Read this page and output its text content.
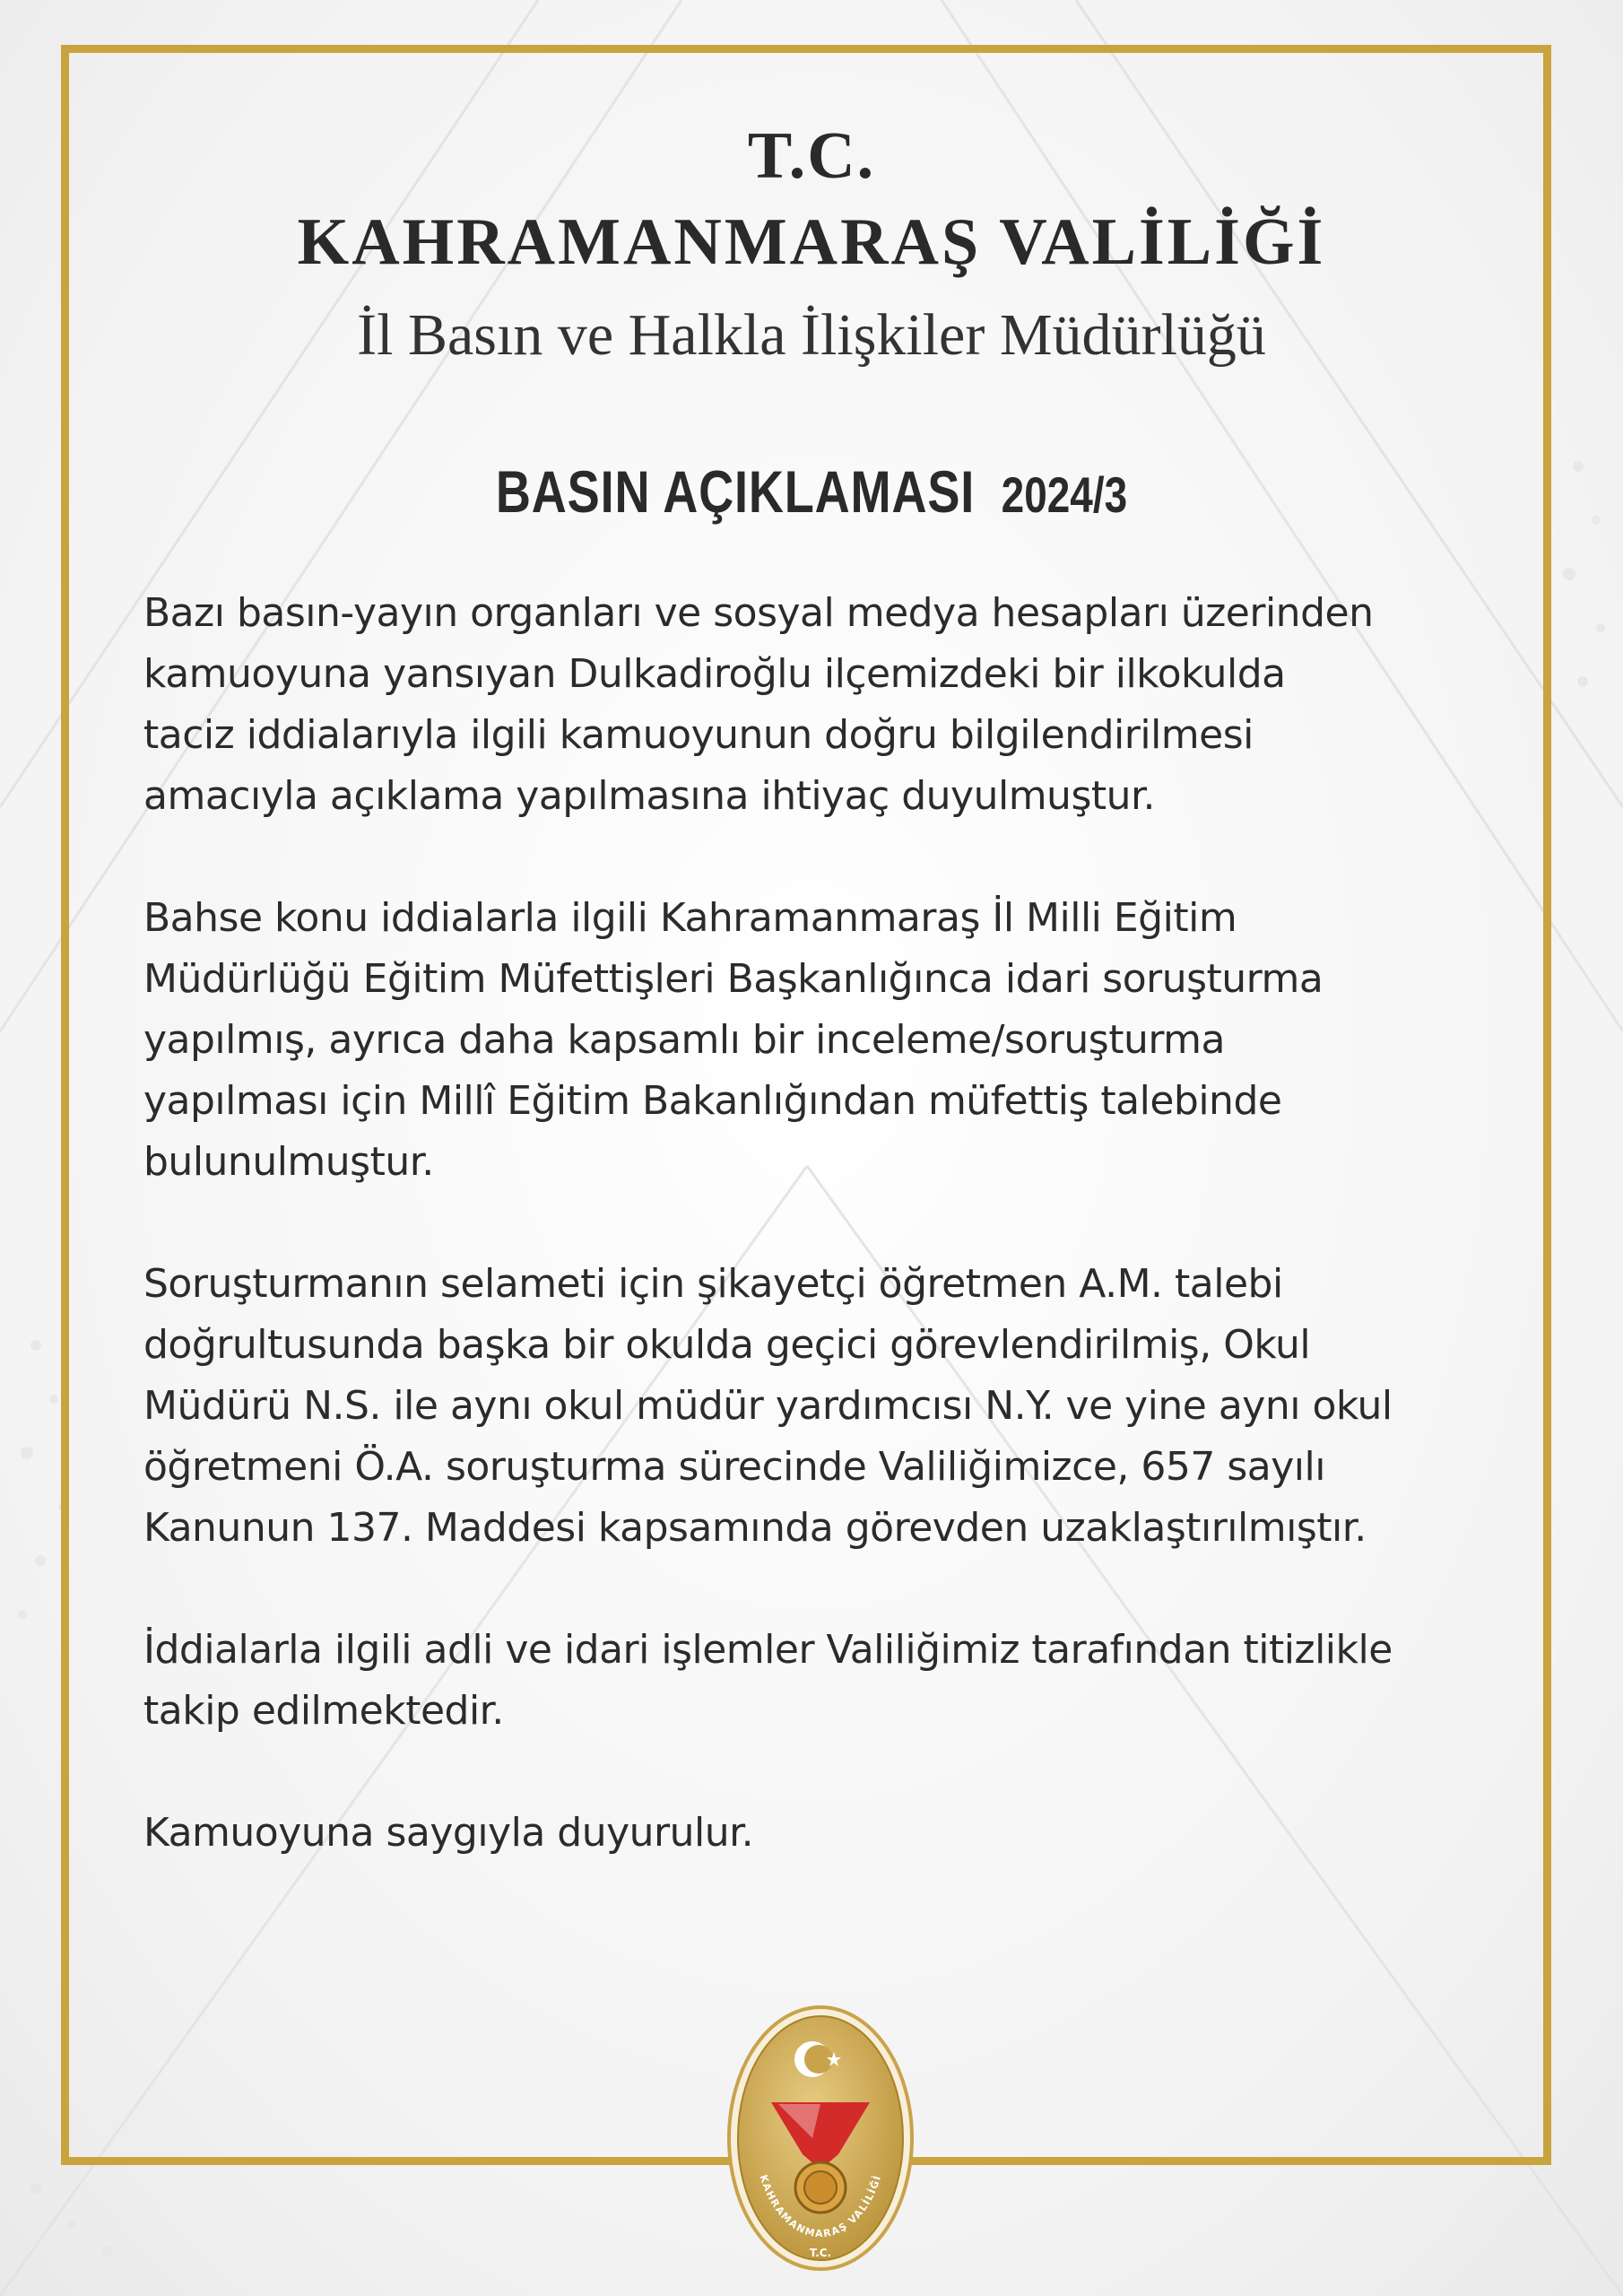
T.C.
KAHRAMANMARAŞ VALİLİĞİ
İl Basın ve Halkla İlişkiler Müdürlüğü
BASIN AÇIKLAMASI 2024/3

Bazı basın-yayın organları ve sosyal medya hesapları üzerinden
kamuoyuna yansıyan Dulkadiroğlu ilçemizdeki bir ilkokulda
taciz iddialarıyla ilgili kamuoyunun doğru bilgilendirilmesi
amacıyla açıklama yapılmasına ihtiyaç duyulmuştur.

Bahse konu iddialarla ilgili Kahramanmaraş İl Milli Eğitim
Müdürlüğü Eğitim Müfettişleri Başkanlığınca idari soruşturma
yapılmış, ayrıca daha kapsamlı bir inceleme/soruşturma
yapılması için Millî Eğitim Bakanlığından müfettiş talebinde
bulunulmuştur.

Soruşturmanın selameti için şikayetçi öğretmen A.M. talebi
doğrultusunda başka bir okulda geçici görevlendirilmiş, Okul
Müdürü N.S. ile aynı okul müdür yardımcısı N.Y. ve yine aynı okul
öğretmeni Ö.A. soruşturma sürecinde Valiliğimizce, 657 sayılı
Kanunun 137. Maddesi kapsamında görevden uzaklaştırılmıştır.

İddialarla ilgili adli ve idari işlemler Valiliğimiz tarafından titizlikle
takip edilmektedir.

Kamuoyuna saygıyla duyurulur.

KAHRAMANMARAŞ VALİLİĞİ
T.C.
